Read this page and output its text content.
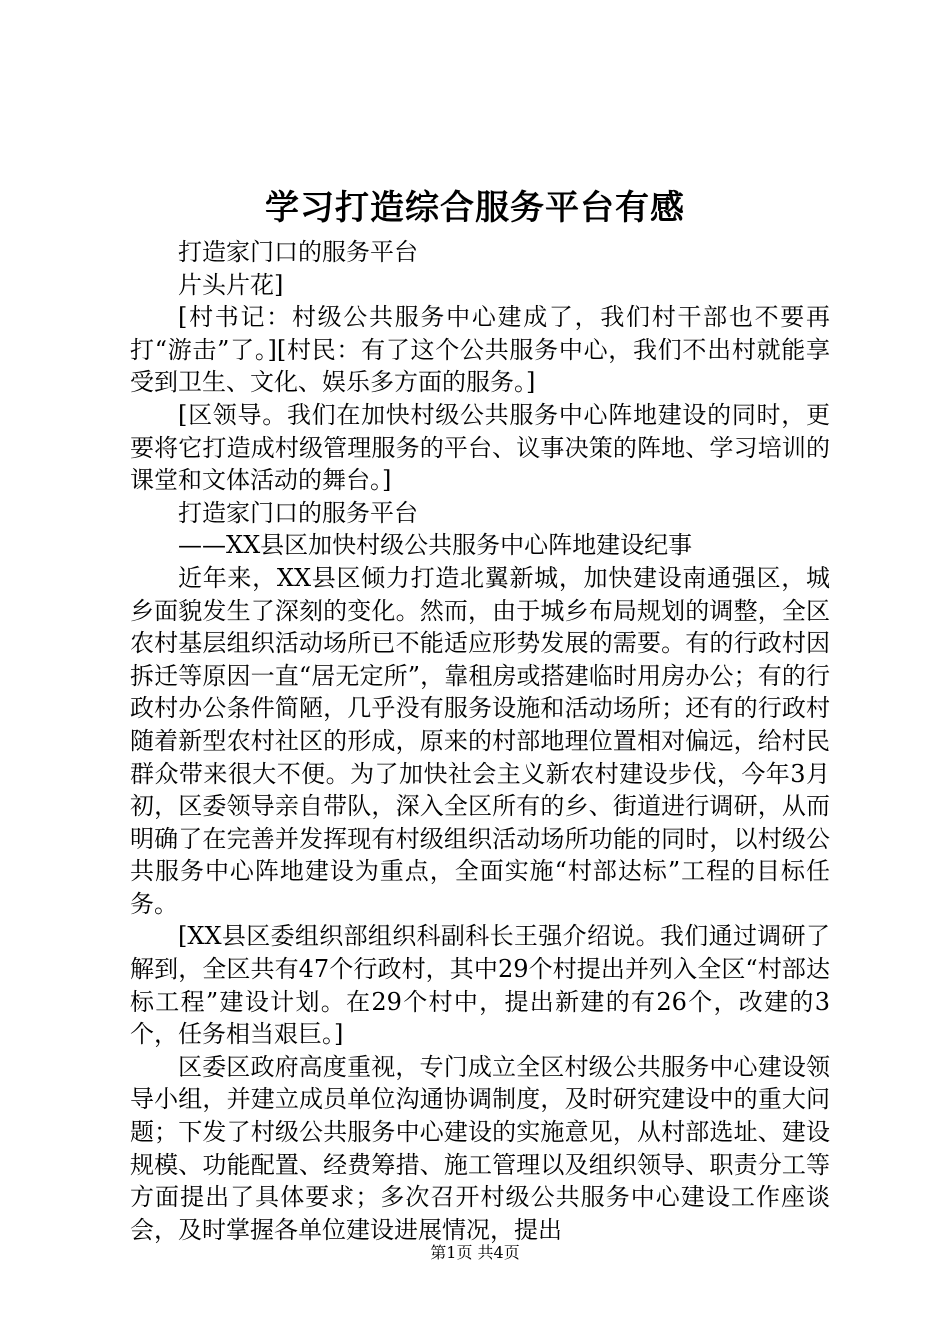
学习打造综合服务平台有感

打造家门口的服务平台

片头片花]

[村书记：村级公共服务中心建成了，我们村干部也不要再打“游击”了。][村民：有了这个公共服务中心，我们不出村就能享受到卫生、文化、娱乐多方面的服务。]

[区领导。我们在加快村级公共服务中心阵地建设的同时，更要将它打造成村级管理服务的平台、议事决策的阵地、学习培训的课堂和文体活动的舞台。]

打造家门口的服务平台

——XX县区加快村级公共服务中心阵地建设纪事

近年来，XX县区倾力打造北翼新城，加快建设南通强区，城乡面貌发生了深刻的变化。然而，由于城乡布局规划的调整，全区农村基层组织活动场所已不能适应形势发展的需要。有的行政村因拆迁等原因一直“居无定所”，靠租房或搭建临时用房办公；有的行政村办公条件简陋，几乎没有服务设施和活动场所；还有的行政村随着新型农村社区的形成，原来的村部地理位置相对偏远，给村民群众带来很大不便。为了加快社会主义新农村建设步伐，今年3月初，区委领导亲自带队，深入全区所有的乡、街道进行调研，从而明确了在完善并发挥现有村级组织活动场所功能的同时，以村级公共服务中心阵地建设为重点，全面实施“村部达标”工程的目标任务。

[XX县区委组织部组织科副科长王强介绍说。我们通过调研了解到，全区共有47个行政村，其中29个村提出并列入全区“村部达标工程”建设计划。在29个村中，提出新建的有26个，改建的3个，任务相当艰巨。]

区委区政府高度重视，专门成立全区村级公共服务中心建设领导小组，并建立成员单位沟通协调制度，及时研究建设中的重大问题；下发了村级公共服务中心建设的实施意见，从村部选址、建设规模、功能配置、经费筹措、施工管理以及组织领导、职责分工等方面提出了具体要求；多次召开村级公共服务中心建设工作座谈会，及时掌握各单位建设进展情况，提出

第1页 共4页
